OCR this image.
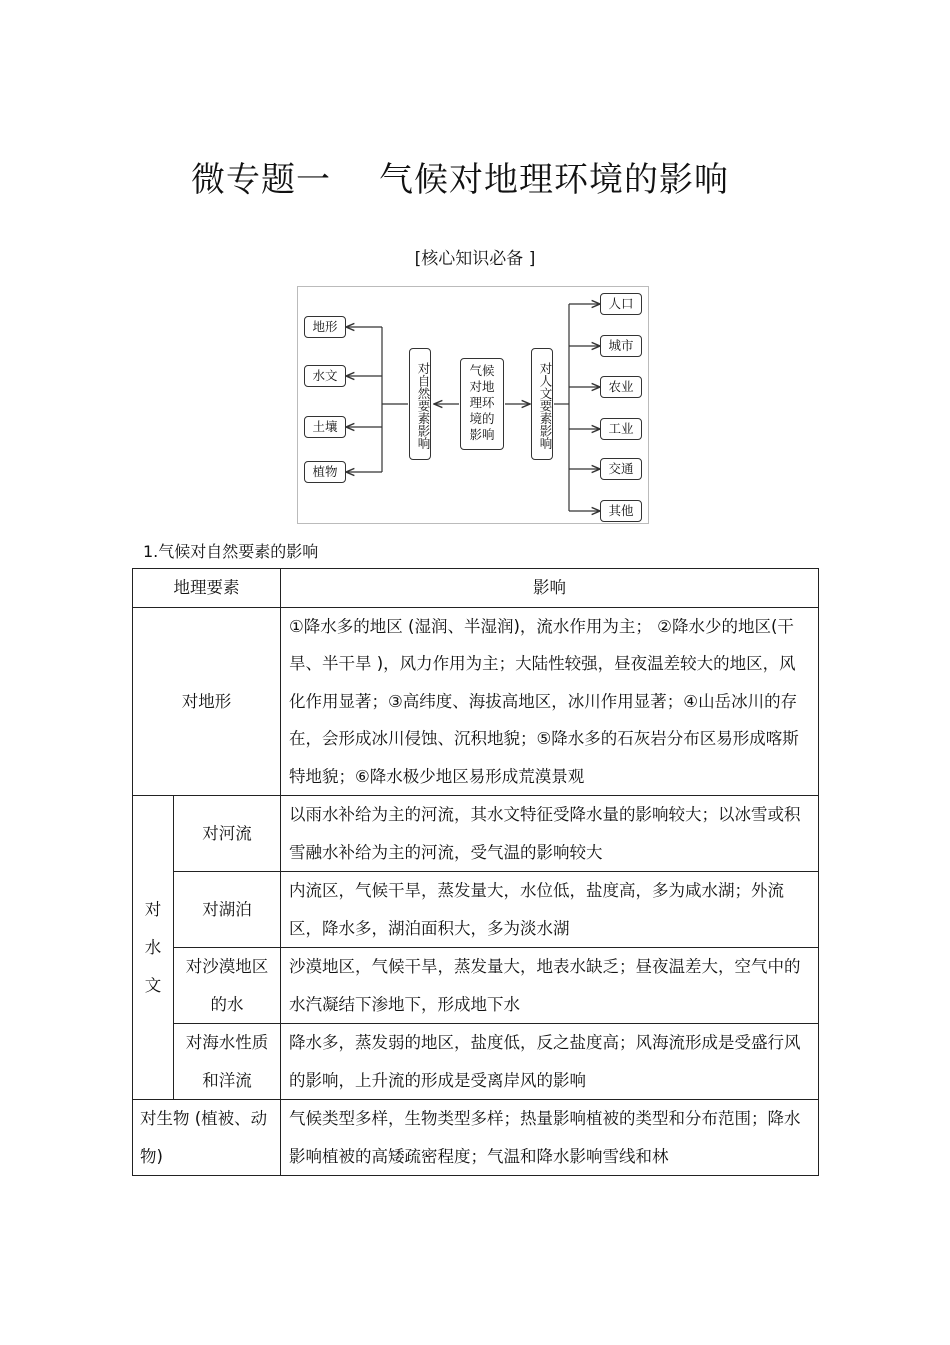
微专题一 气候对地理环境的影响
[核心知识必备 ]
地形
水文
土壤
植物
对自然要素影响	气候对地理环境的影响	对人文要素影响
人口
城市
农业
工业
交通
其他
1.气候对自然要素的影响
地理要素		影响
对地形		①降水多的地区 (湿润、半湿润)，流水作用为主； ②降水少的地区(干旱、半干旱 )，风力作用为主；大陆性较强，昼夜温差较大的地区，风化作用显著；③高纬度、海拔高地区，冰川作用显著；④山岳冰川的存在，会形成冰川侵蚀、沉积地貌；⑤降水多的石灰岩分布区易形成喀斯特地貌；⑥降水极少地区易形成荒漠景观
对水文	对河流	以雨水补给为主的河流，其水文特征受降水量的影响较大；以冰雪或积雪融水补给为主的河流，受气温的影响较大
	对湖泊	内流区，气候干旱，蒸发量大，水位低，盐度高，多为咸水湖；外流区，降水多，湖泊面积大，多为淡水湖
	对沙漠地区的水	沙漠地区，气候干旱，蒸发量大，地表水缺乏；昼夜温差大，空气中的水汽凝结下渗地下，形成地下水
	对海水性质和洋流	降水多，蒸发弱的地区，盐度低，反之盐度高；风海流形成是受盛行风的影响，上升流的形成是受离岸风的影响
对生物 (植被、动物)		气候类型多样，生物类型多样；热量影响植被的类型和分布范围；降水影响植被的高矮疏密程度；气温和降水影响雪线和林
